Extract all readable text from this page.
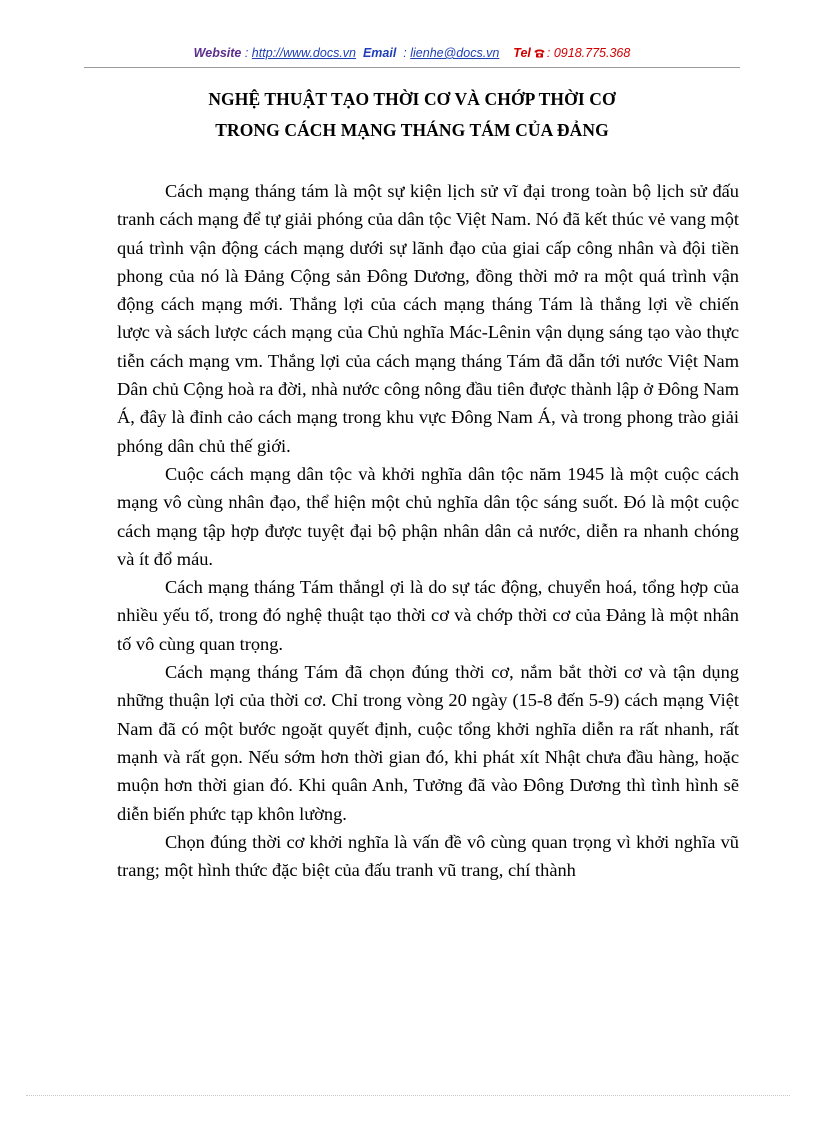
Website : http://www.docs.vn Email  : lienhe@docs.vn Tel : 0918.775.368
NGHỆ THUẬT TẠO THỜI CƠ VÀ CHỚP THỜI CƠ
TRONG CÁCH MẠNG THÁNG TÁM CỦA ĐẢNG

Cách mạng tháng tám là một sự kiện lịch sử vĩ đại trong toàn bộ lịch sử đấu tranh cách mạng để tự giải phóng của dân tộc Việt Nam. Nó đã kết thúc vẻ vang một quá trình vận động cách mạng dưới sự lãnh đạo của giai cấp công nhân và đội tiền phong của nó là Đảng Cộng sản Đông Dương, đồng thời mở ra một quá trình vận động cách mạng mới. Thắng lợi của cách mạng tháng Tám là thắng lợi về chiến lược và sách lược cách mạng của Chủ nghĩa Mác-Lênin vận dụng sáng tạo vào thực tiễn cách mạng vm. Thắng lợi của cách mạng tháng Tám đã dẫn tới nước Việt Nam Dân chủ Cộng hoà ra đời, nhà nước công nông đầu tiên được thành lập ở Đông Nam Á, đây là đỉnh cảo cách mạng trong khu vực Đông Nam Á, và trong phong trào giải phóng dân chủ thế giới.

Cuộc cách mạng dân tộc và khởi nghĩa dân tộc năm 1945 là một cuộc cách mạng vô cùng nhân đạo, thể hiện một chủ nghĩa dân tộc sáng suốt. Đó là một cuộc cách mạng tập hợp được tuyệt đại bộ phận nhân dân cả nước, diễn ra nhanh chóng và ít đổ máu.

Cách mạng tháng Tám thắngl ợi là do sự tác động, chuyển hoá, tổng hợp của nhiều yếu tố, trong đó nghệ thuật tạo thời cơ và chớp thời cơ của Đảng là một nhân tố vô cùng quan trọng.

Cách mạng tháng Tám đã chọn đúng thời cơ, nắm bắt thời cơ và tận dụng những thuận lợi của thời cơ. Chỉ trong vòng 20 ngày (15-8 đến 5-9) cách mạng Việt Nam đã có một bước ngoặt quyết định, cuộc tổng khởi nghĩa diễn ra rất nhanh, rất mạnh và rất gọn. Nếu sớm hơn thời gian đó, khi phát xít Nhật chưa đầu hàng, hoặc muộn hơn thời gian đó. Khi quân Anh, Tưởng đã vào Đông Dương thì tình hình sẽ diễn biến phức tạp khôn lường.

Chọn đúng thời cơ khởi nghĩa là vấn đề vô cùng quan trọng vì khởi nghĩa vũ trang; một hình thức đặc biệt của đấu tranh vũ trang, chí thành
